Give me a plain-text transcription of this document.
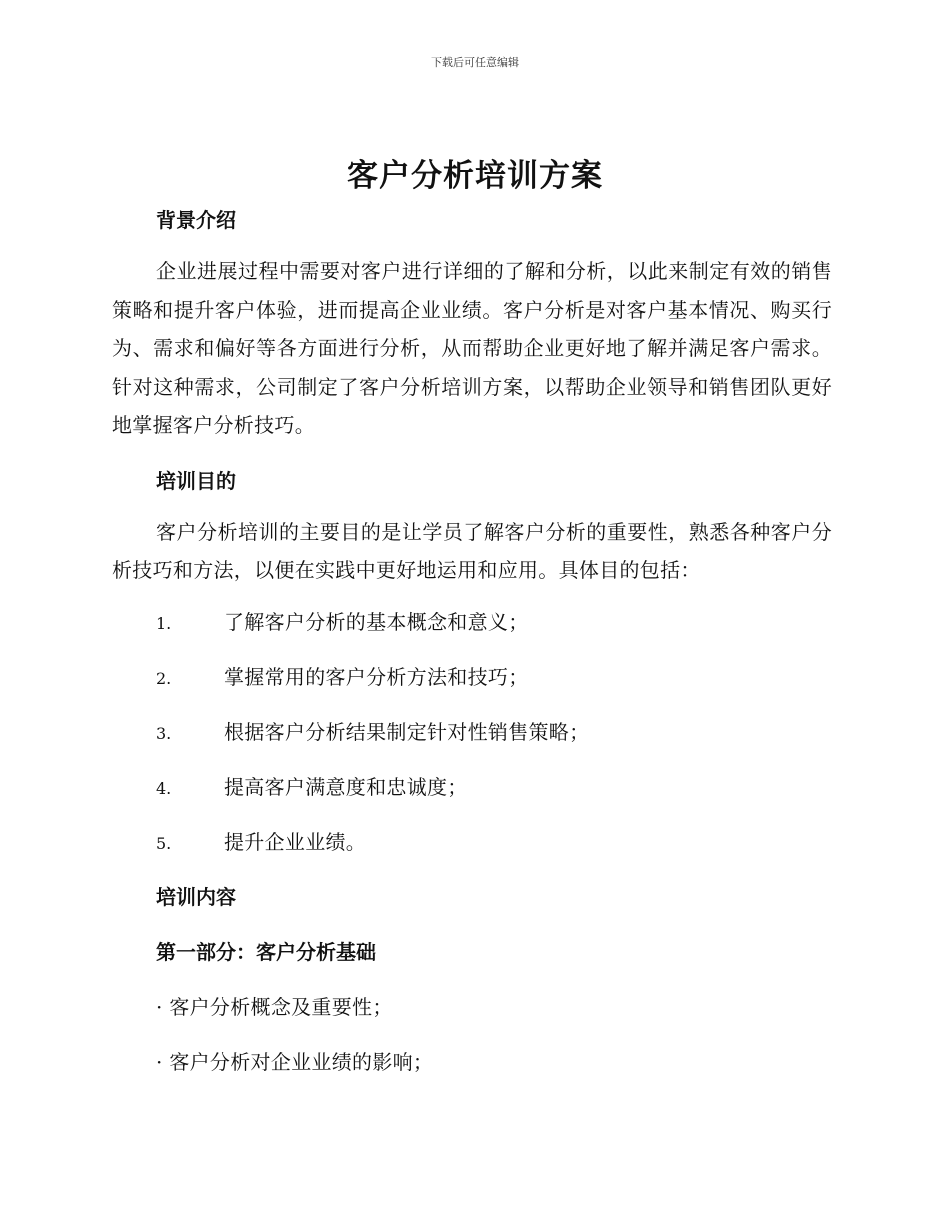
下载后可任意编辑
客户分析培训方案

背景介绍

企业进展过程中需要对客户进行详细的了解和分析，以此来制定有效的销售策略和提升客户体验，进而提高企业业绩。客户分析是对客户基本情况、购买行为、需求和偏好等各方面进行分析，从而帮助企业更好地了解并满足客户需求。针对这种需求，公司制定了客户分析培训方案，以帮助企业领导和销售团队更好地掌握客户分析技巧。

培训目的

客户分析培训的主要目的是让学员了解客户分析的重要性，熟悉各种客户分析技巧和方法，以便在实践中更好地运用和应用。具体目的包括：

1.	了解客户分析的基本概念和意义；
2.	掌握常用的客户分析方法和技巧；
3.	根据客户分析结果制定针对性销售策略；
4.	提高客户满意度和忠诚度；
5.	提升企业业绩。

培训内容

第一部分：客户分析基础

· 客户分析概念及重要性；
· 客户分析对企业业绩的影响；
